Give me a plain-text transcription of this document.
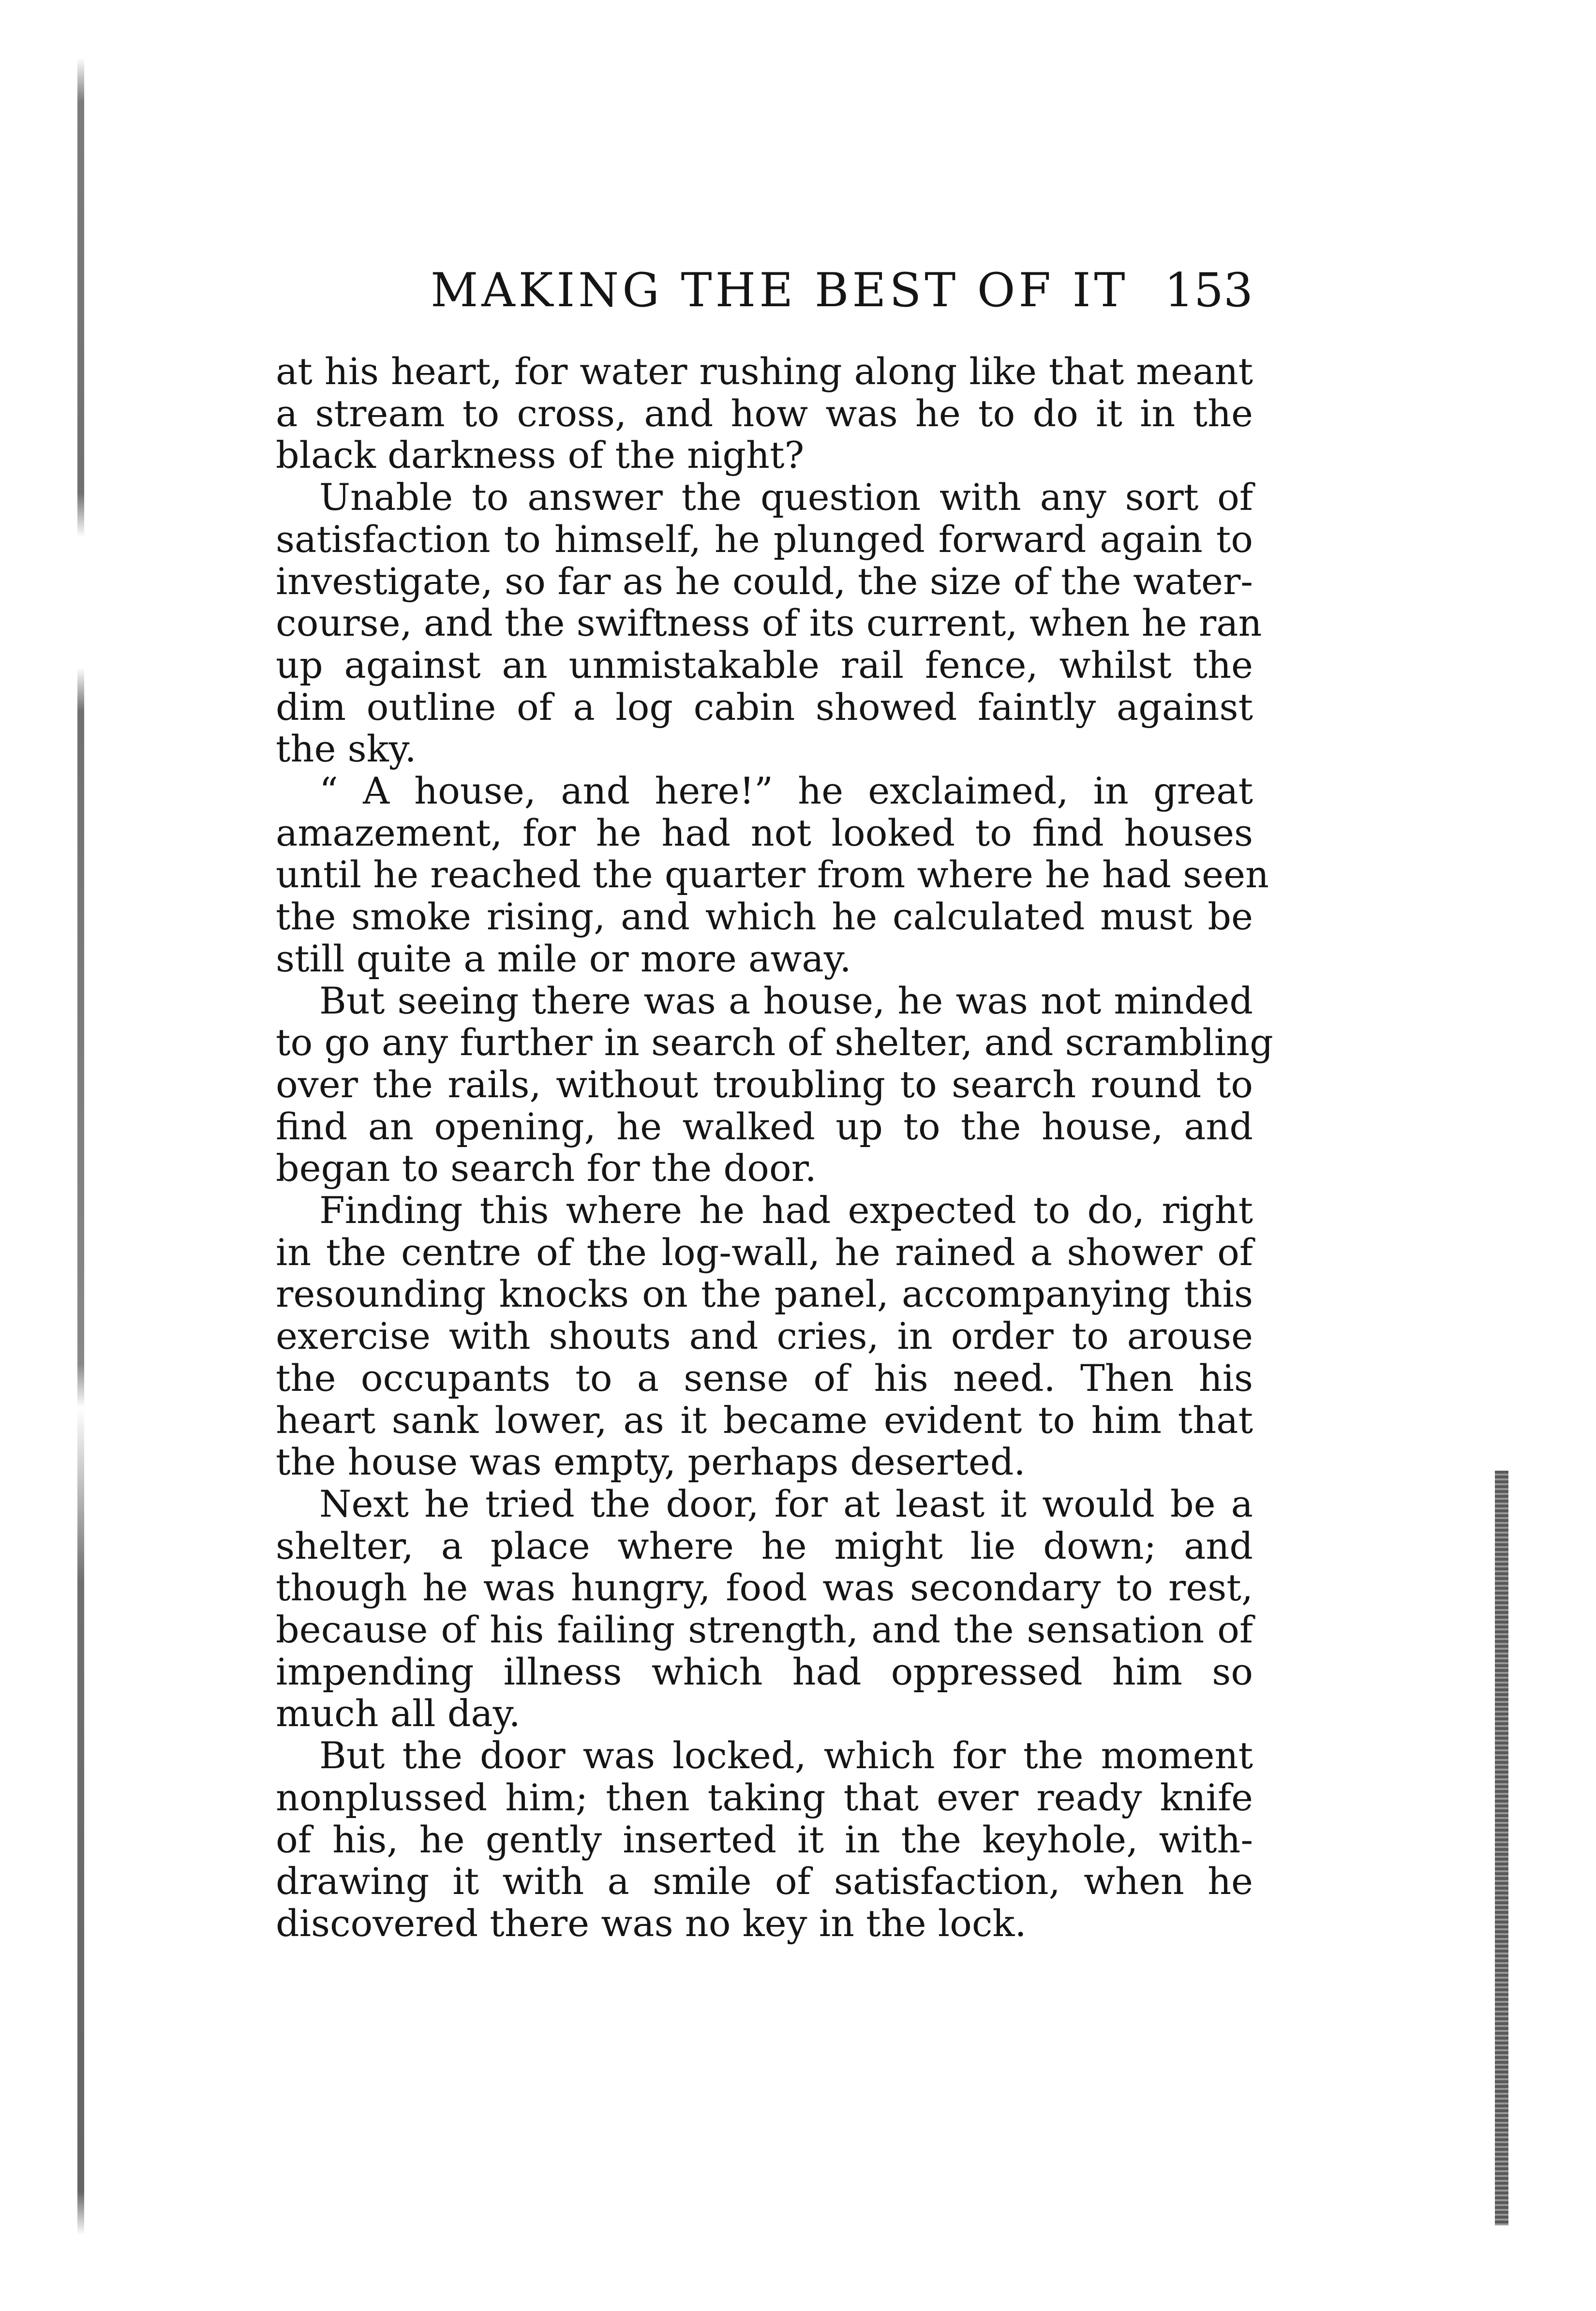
MAKING THE BEST OF IT 153
at his heart, for water rushing along like that meant
a stream to cross, and how was he to do it in the
black darkness of the night?
Unable to answer the question with any sort of
satisfaction to himself, he plunged forward again to
investigate, so far as he could, the size of the water-
course, and the swiftness of its current, when he ran
up against an unmistakable rail fence, whilst the
dim outline of a log cabin showed faintly against
the sky.
“ A house, and here!” he exclaimed, in great
amazement, for he had not looked to find houses
until he reached the quarter from where he had seen
the smoke rising, and which he calculated must be
still quite a mile or more away.
But seeing there was a house, he was not minded
to go any further in search of shelter, and scrambling
over the rails, without troubling to search round to
find an opening, he walked up to the house, and
began to search for the door.
Finding this where he had expected to do, right
in the centre of the log-wall, he rained a shower of
resounding knocks on the panel, accompanying this
exercise with shouts and cries, in order to arouse
the occupants to a sense of his need. Then his
heart sank lower, as it became evident to him that
the house was empty, perhaps deserted.
Next he tried the door, for at least it would be a
shelter, a place where he might lie down; and
though he was hungry, food was secondary to rest,
because of his failing strength, and the sensation of
impending illness which had oppressed him so
much all day.
But the door was locked, which for the moment
nonplussed him; then taking that ever ready knife
of his, he gently inserted it in the keyhole, with-
drawing it with a smile of satisfaction, when he
discovered there was no key in the lock.
